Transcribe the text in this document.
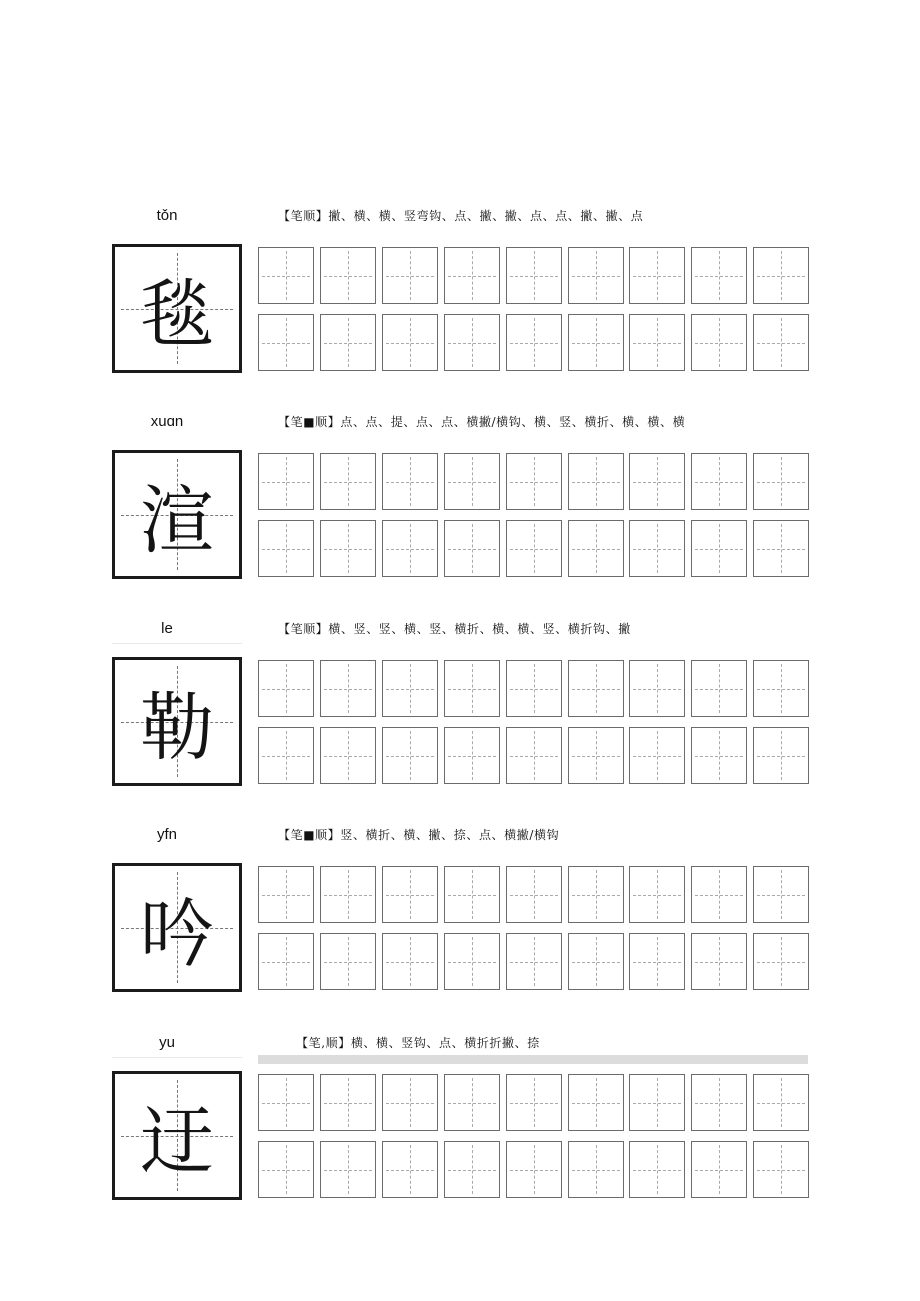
tǒn	【笔顺】撇、横、横、竖弯钩、点、撇、撇、点、点、撇、撇、点
毯
xuɑn	【笔■顺】点、点、提、点、点、横撇/横钩、横、竖、横折、横、横、横
渲
le	【笔顺】横、竖、竖、横、竖、横折、横、横、竖、横折钩、撇
勒
yfn	【笔■顺】竖、横折、横、撇、捺、点、横撇/横钩
吟
yu	【笔,顺】横、横、竖钩、点、横折折撇、捺
迂
